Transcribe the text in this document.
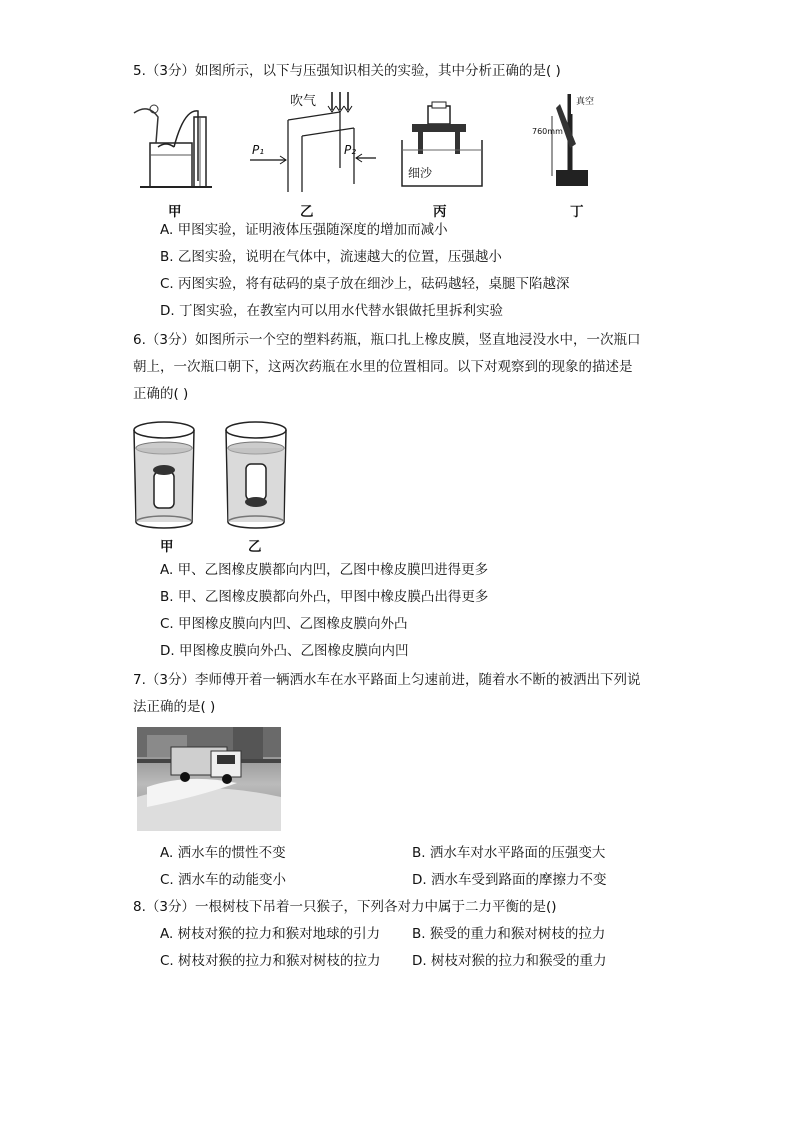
5.（3分）如图所示，以下与压强知识相关的实验，其中分析正确的是( )
甲
吹气
P₁	P₂
乙
细沙
丙
真空
760mm
丁
A. 甲图实验，证明液体压强随深度的增加而减小
B. 乙图实验，说明在气体中，流速越大的位置，压强越小
C. 丙图实验，将有砝码的桌子放在细沙上，砝码越轻，桌腿下陷越深
D. 丁图实验，在教室内可以用水代替水银做托里拆利实验
6.（3分）如图所示一个空的塑料药瓶，瓶口扎上橡皮膜，竖直地浸没水中，一次瓶口
朝上，一次瓶口朝下，这两次药瓶在水里的位置相同。以下对观察到的现象的描述是
正确的( )
甲	乙
A. 甲、乙图橡皮膜都向内凹，乙图中橡皮膜凹进得更多
B. 甲、乙图橡皮膜都向外凸，甲图中橡皮膜凸出得更多
C. 甲图橡皮膜向内凹、乙图橡皮膜向外凸
D. 甲图橡皮膜向外凸、乙图橡皮膜向内凹
7.（3分）李师傅开着一辆洒水车在水平路面上匀速前进，随着水不断的被洒出下列说
法正确的是( )
A. 洒水车的惯性不变	B. 洒水车对水平路面的压强变大
C. 洒水车的动能变小	D. 洒水车受到路面的摩擦力不变
8.（3分）一根树枝下吊着一只猴子，下列各对力中属于二力平衡的是()
A. 树枝对猴的拉力和猴对地球的引力 B. 猴受的重力和猴对树枝的拉力
C. 树枝对猴的拉力和猴对树枝的拉力 D. 树枝对猴的拉力和猴受的重力
